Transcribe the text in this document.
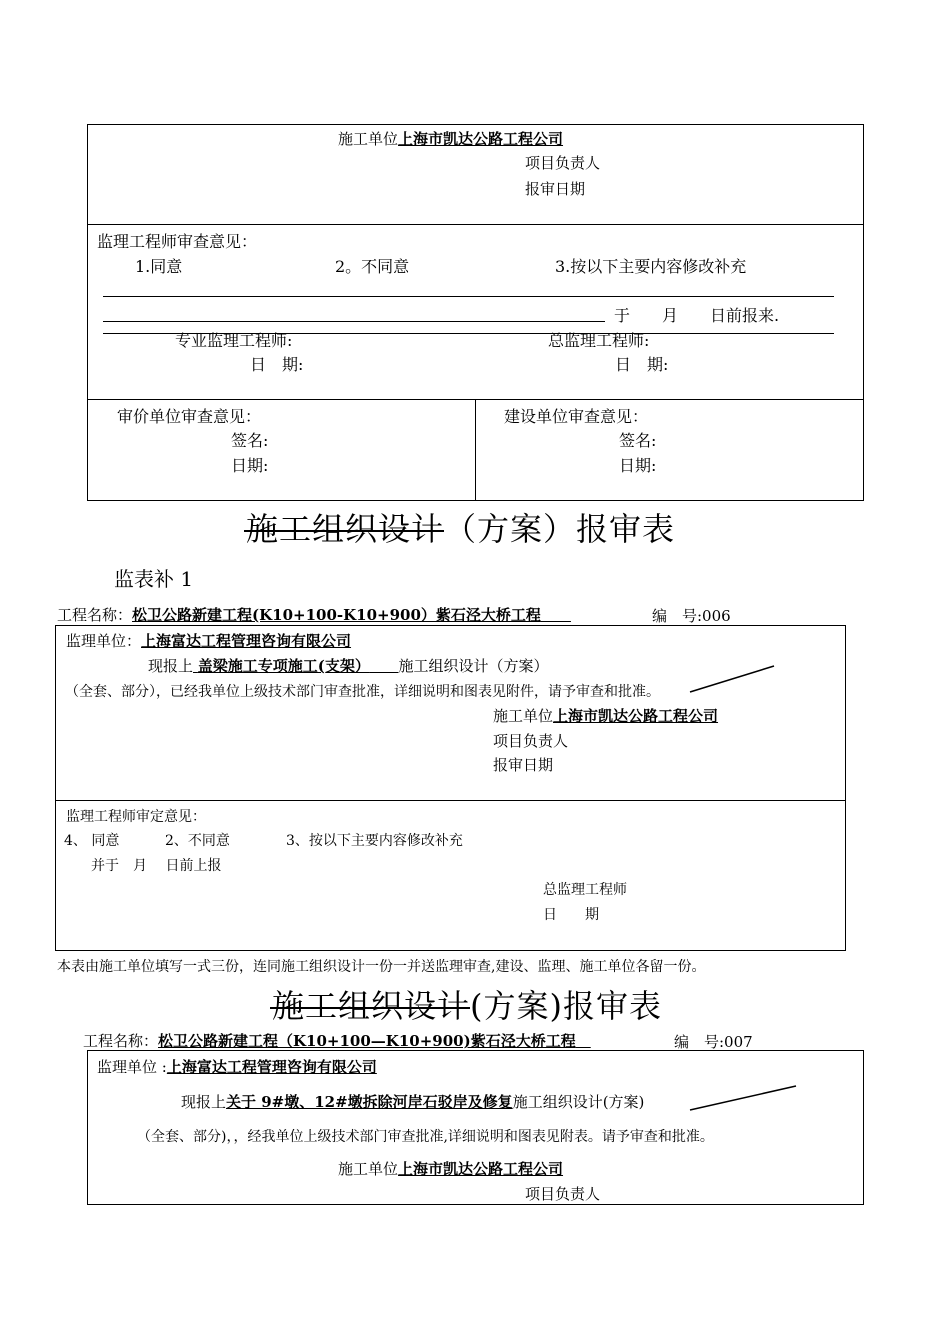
施工单位上海市凯达公路工程公司
项目负责人
报审日期
监理工程师审查意见：
1.同意	2。不同意	3.按以下主要内容修改补充
于 月 日前报来.
专业监理工程师:	总监理工程师:
日　期:	日　期:
审价单位审查意见：
签名:
日期:
建设单位审查意见：
签名:
日期:
施工组织设计
（方案）报审表
监表补 1
工程名称：松卫公路新建工程(K10+100-K10+900）紫石泾大桥工程　　	编　号:006
监理单位：上海富达工程管理咨询有限公司
现报上 盖梁施工专项施工(支架） 施工组织设计（方案）
（全套、部分），已经我单位上级技术部门审查批准，详细说明和图表见附件，请予审查和批准。
施工单位上海市凯达公路工程公司
项目负责人
报审日期
监理工程师审定意见：
4、 同意	2、不同意	3、按以下主要内容修改补充
并于　月　 日前上报
总监理工程师
日　　期
本表由施工单位填写一式三份，连同施工组织设计一份一并送监理审查,建设、监理、施工单位各留一份。
施工组织设计
(方案)报审表
工程名称：松卫公路新建工程（K10+100—K10+900)紫石泾大桥工程　	编　号:007
监理单位 :上海富达工程管理咨询有限公司
现报上关于 9#墩、12#墩拆除河岸石驳岸及修复施工组织设计(方案)
（全套、部分)，，经我单位上级技术部门审查批准,详细说明和图表见附表。请予审查和批准。
施工单位上海市凯达公路工程公司
项目负责人
